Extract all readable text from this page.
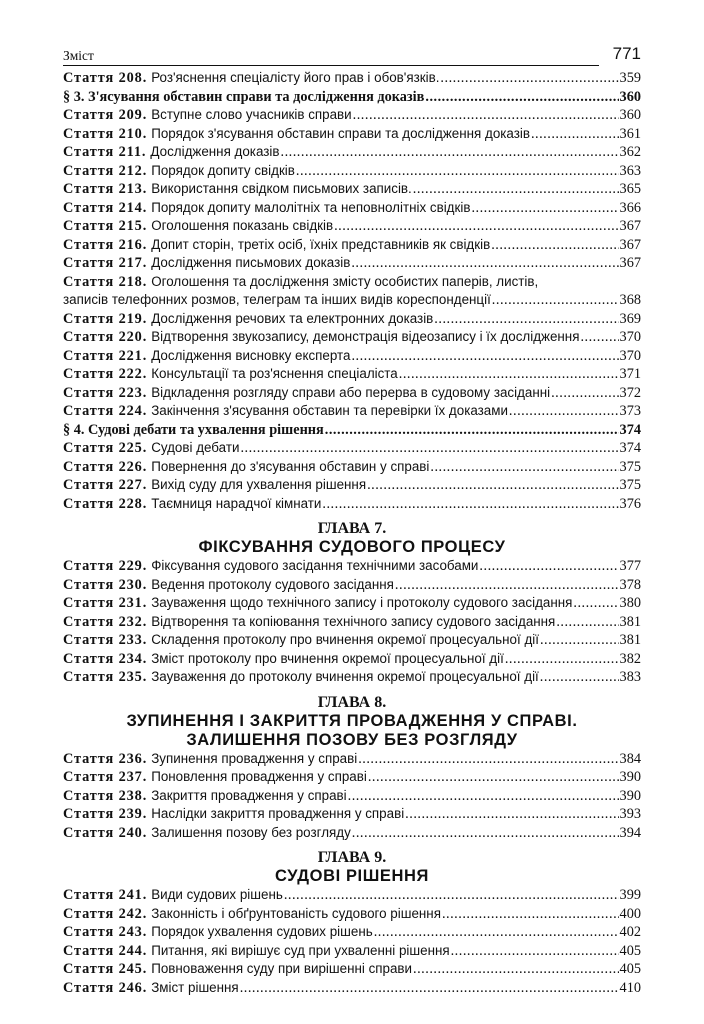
Зміст	771
Стаття 208. Роз'яснення спеціалісту його прав і обов'язків. .....	359
§ 3. З'ясування обставин справи та дослідження доказів .....	360
Стаття 209. Вступне слово учасників справи .....	360
Стаття 210. Порядок з'ясування обставин справи та дослідження доказів .....	361
Стаття 211. Дослідження доказів .....	362
Стаття 212. Порядок допиту свідків .....	363
Стаття 213. Використання свідком письмових записів. .....	365
Стаття 214. Порядок допиту малолітніх та неповнолітніх свідків .....	366
Стаття 215. Оголошення показань свідків .....	367
Стаття 216. Допит сторін, третіх осіб, їхніх представників як свідків .....	367
Стаття 217. Дослідження письмових доказів .....	367
Стаття 218. Оголошення та дослідження змісту особистих паперів, листів,
записів телефонних розмов, телеграм та інших видів кореспонденції .....	368
Стаття 219. Дослідження речових та електронних доказів .....	369
Стаття 220. Відтворення звукозапису, демонстрація відеозапису і їх дослідження .....	370
Стаття 221. Дослідження висновку експерта .....	370
Стаття 222. Консультації та роз'яснення спеціаліста .....	371
Стаття 223. Відкладення розгляду справи або перерва в судовому засіданні .....	372
Стаття 224. Закінчення з'ясування обставин та перевірки їх доказами .....	373
§ 4. Судові дебати та ухвалення рішення .....	374
Стаття 225. Судові дебати .....	374
Стаття 226. Повернення до з'ясування обставин у справі .....	375
Стаття 227. Вихід суду для ухвалення рішення .....	375
Стаття 228. Таємниця нарадчої кімнати .....	376
ГЛАВА 7.
ФІКСУВАННЯ СУДОВОГО ПРОЦЕСУ
Стаття 229. Фіксування судового засідання технічними засобами .....	377
Стаття 230. Ведення протоколу судового засідання .....	378
Стаття 231. Зауваження щодо технічного запису і протоколу судового засідання .....	380
Стаття 232. Відтворення та копіювання технічного запису судового засідання .....	381
Стаття 233. Складення протоколу про вчинення окремої процесуальної дії .....	381
Стаття 234. Зміст протоколу про вчинення окремої процесуальної дії .....	382
Стаття 235. Зауваження до протоколу вчинення окремої процесуальної дії .....	383
ГЛАВА 8.
ЗУПИНЕННЯ І ЗАКРИТТЯ ПРОВАДЖЕННЯ У СПРАВІ.
ЗАЛИШЕННЯ ПОЗОВУ БЕЗ РОЗГЛЯДУ
Стаття 236. Зупинення провадження у справі .....	384
Стаття 237. Поновлення провадження у справі .....	390
Стаття 238. Закриття провадження у справі .....	390
Стаття 239. Наслідки закриття провадження у справі .....	393
Стаття 240. Залишення позову без розгляду .....	394
ГЛАВА 9.
СУДОВІ РІШЕННЯ
Стаття 241. Види судових рішень .....	399
Стаття 242. Законність і обґрунтованість судового рішення .....	400
Стаття 243. Порядок ухвалення судових рішень .....	402
Стаття 244. Питання, які вирішує суд при ухваленні рішення .....	405
Стаття 245. Повноваження суду при вирішенні справи .....	405
Стаття 246. Зміст рішення .....	410
